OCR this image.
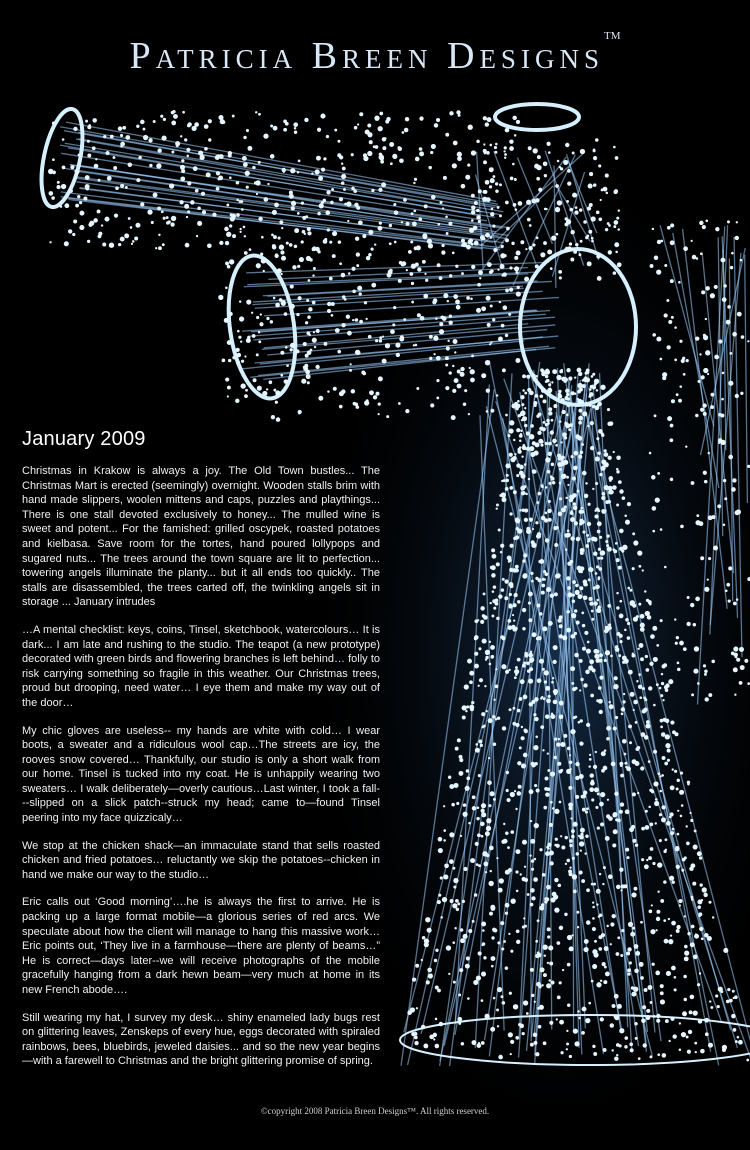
Patricia Breen Designs™
January 2009

Christmas in Krakow is always a joy. The Old Town bustles... The Christmas Mart is erected (seemingly) overnight. Wooden stalls brim with hand made slippers, woolen mittens and caps, puzzles and playthings... There is one stall devoted exclusively to honey... The mulled wine is sweet and potent... For the famished: grilled oscypek, roasted potatoes and kielbasa. Save room for the tortes, hand poured lollypops and sugared nuts... The trees around the town square are lit to perfection... towering angels illuminate the planty... but it all ends too quickly.. The stalls are disassembled, the trees carted off, the twinkling angels sit in storage ... January intrudes

…A mental checklist: keys, coins, Tinsel, sketchbook, watercolours… It is dark... I am late and rushing to the studio. The teapot (a new prototype) decorated with green birds and flowering branches is left behind… folly to risk carrying something so fragile in this weather. Our Christmas trees, proud but drooping, need water… I eye them and make my way out of the door…

My chic gloves are useless-- my hands are white with cold… I wear boots, a sweater and a ridiculous wool cap…The streets are icy, the rooves snow covered… Thankfully, our studio is only a short walk from our home. Tinsel is tucked into my coat. He is unhappily wearing two sweaters… I walk deliberately—overly cautious…Last winter, I took a fall---slipped on a slick patch--struck my head; came to—found Tinsel peering into my face quizzicaly…

We stop at the chicken shack—an immaculate stand that sells roasted chicken and fried potatoes… reluctantly we skip the potatoes--chicken in hand we make our way to the studio…

Eric calls out ‘Good morning’….he is always the first to arrive. He is packing up a large format mobile—a glorious series of red arcs. We speculate about how the client will manage to hang this massive work… Eric points out, ‘They live in a farmhouse—there are plenty of beams…” He is correct—days later--we will receive photographs of the mobile gracefully hanging from a dark hewn beam—very much at home in its new French abode….

Still wearing my hat, I survey my desk… shiny enameled lady bugs rest on glittering leaves, Zenskeps of every hue, eggs decorated with spiraled rainbows, bees, bluebirds, jeweled daisies... and so the new year begins—with a farewell to Christmas and the bright glittering promise of spring.

©copyright 2008 Patricia Breen Designs™. All rights reserved.
